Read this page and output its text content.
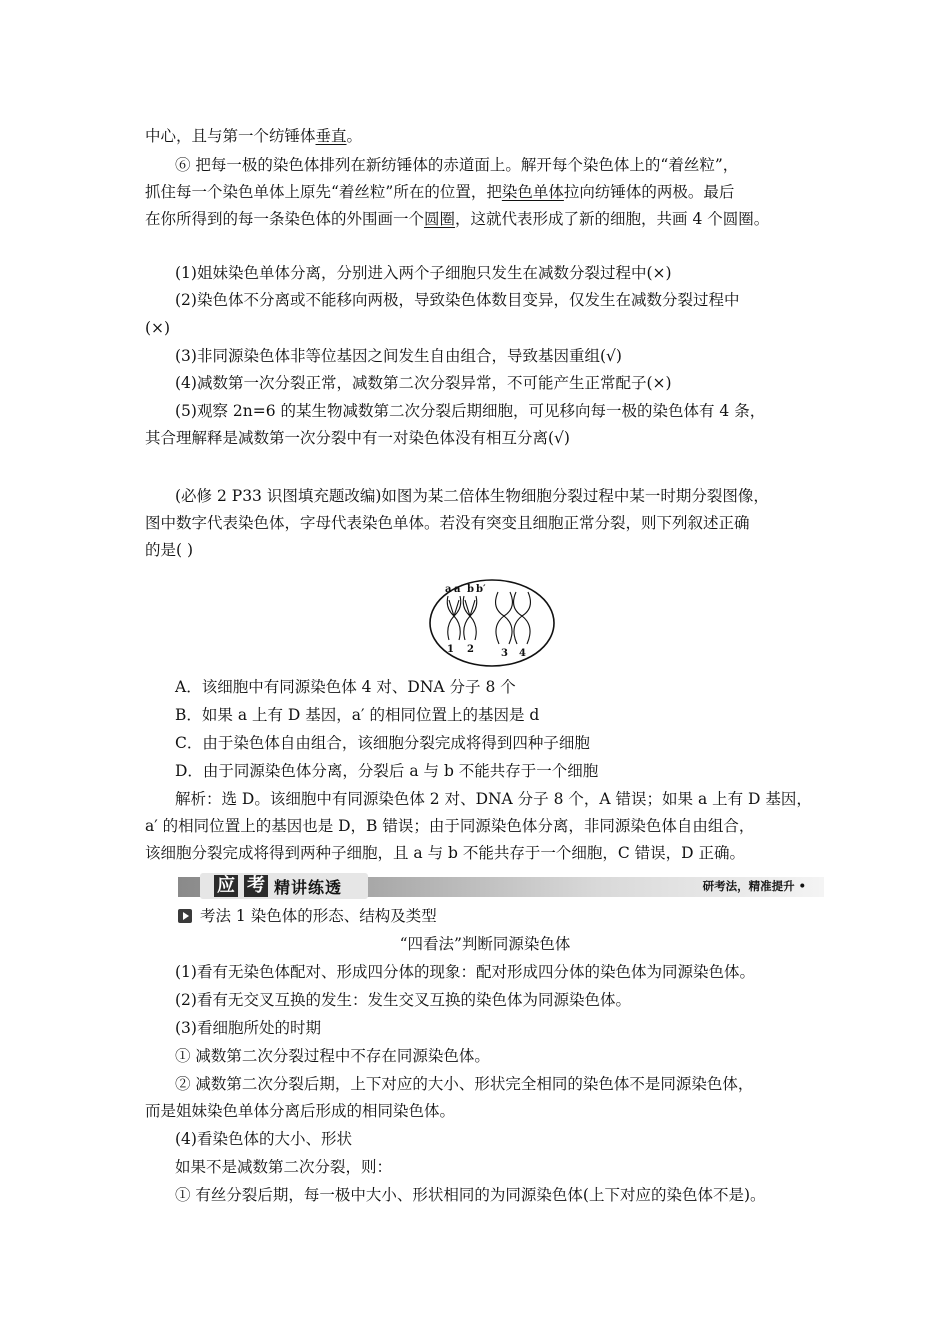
中心，且与第一个纺锤体垂直。
⑥ 把每一极的染色体排列在新纺锤体的赤道面上。解开每个染色体上的“着丝粒”，
抓住每一个染色单体上原先“着丝粒”所在的位置，把染色单体拉向纺锤体的两极。最后
在你所得到的每一条染色体的外围画一个圆圈，这就代表形成了新的细胞，共画 4 个圆圈。
(1)姐妹染色单体分离，分别进入两个子细胞只发生在减数分裂过程中(×)
(2)染色体不分离或不能移向两极，导致染色体数目变异，仅发生在减数分裂过程中
(×)
(3)非同源染色体非等位基因之间发生自由组合，导致基因重组(√)
(4)减数第一次分裂正常，减数第二次分裂异常，不可能产生正常配子(×)
(5)观察 2n=6 的某生物减数第二次分裂后期细胞，可见移向每一极的染色体有 4 条，
其合理解释是减数第一次分裂中有一对染色体没有相互分离(√)
(必修 2 P33 识图填充题改编)如图为某二倍体生物细胞分裂过程中某一时期分裂图像，
图中数字代表染色体，字母代表染色单体。若没有突变且细胞正常分裂，则下列叙述正确
的是( )
a a′ b b′
1 2	3 4
A．该细胞中有同源染色体 4 对、DNA 分子 8 个
B．如果 a 上有 D 基因，a′ 的相同位置上的基因是 d
C．由于染色体自由组合，该细胞分裂完成将得到四种子细胞
D．由于同源染色体分离，分裂后 a 与 b 不能共存于一个细胞
解析：选 D。该细胞中有同源染色体 2 对、DNA 分子 8 个，A 错误；如果 a 上有 D 基因，
a′ 的相同位置上的基因也是 D，B 错误；由于同源染色体分离，非同源染色体自由组合，
该细胞分裂完成将得到两种子细胞，且 a 与 b 不能共存于一个细胞，C 错误，D 正确。
应 考 精讲练透	研考法，精准提升 •
考法 1 染色体的形态、结构及类型
“四看法”判断同源染色体
(1)看有无染色体配对、形成四分体的现象：配对形成四分体的染色体为同源染色体。
(2)看有无交叉互换的发生：发生交叉互换的染色体为同源染色体。
(3)看细胞所处的时期
① 减数第二次分裂过程中不存在同源染色体。
② 减数第二次分裂后期，上下对应的大小、形状完全相同的染色体不是同源染色体，
而是姐妹染色单体分离后形成的相同染色体。
(4)看染色体的大小、形状
如果不是减数第二次分裂，则：
① 有丝分裂后期，每一极中大小、形状相同的为同源染色体(上下对应的染色体不是)。
